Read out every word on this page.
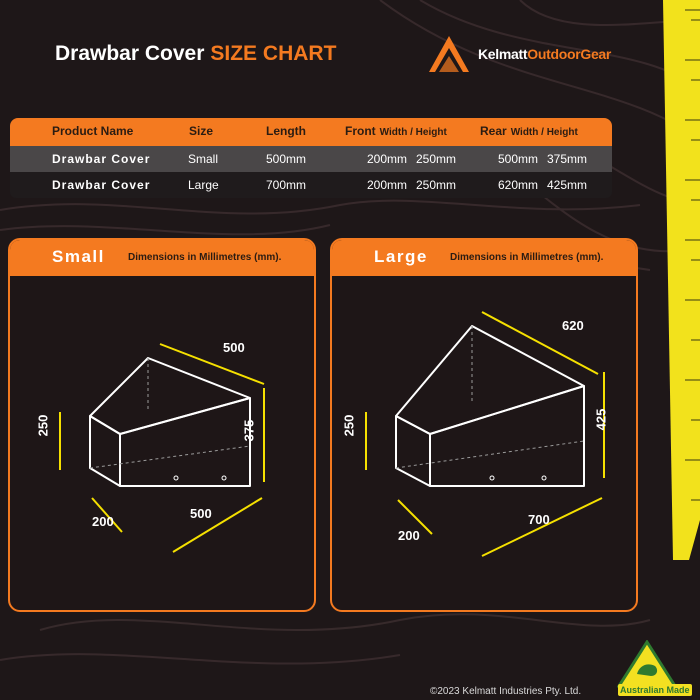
Drawbar Cover SIZE CHART	KelmattOutdoorGear
Product Name	Size	Length	Front Width / Height	Rear Width / Height
Drawbar Cover	Small	500mm	200mm 250mm	500mm 375mm
Drawbar Cover	Large	700mm	200mm 250mm	620mm 425mm
Small Dimensions in Millimetres (mm).
500
250	375
200
500
Large Dimensions in Millimetres (mm).
620
250	425
200
700
Australian Made
©2023 Kelmatt Industries Pty. Ltd.
